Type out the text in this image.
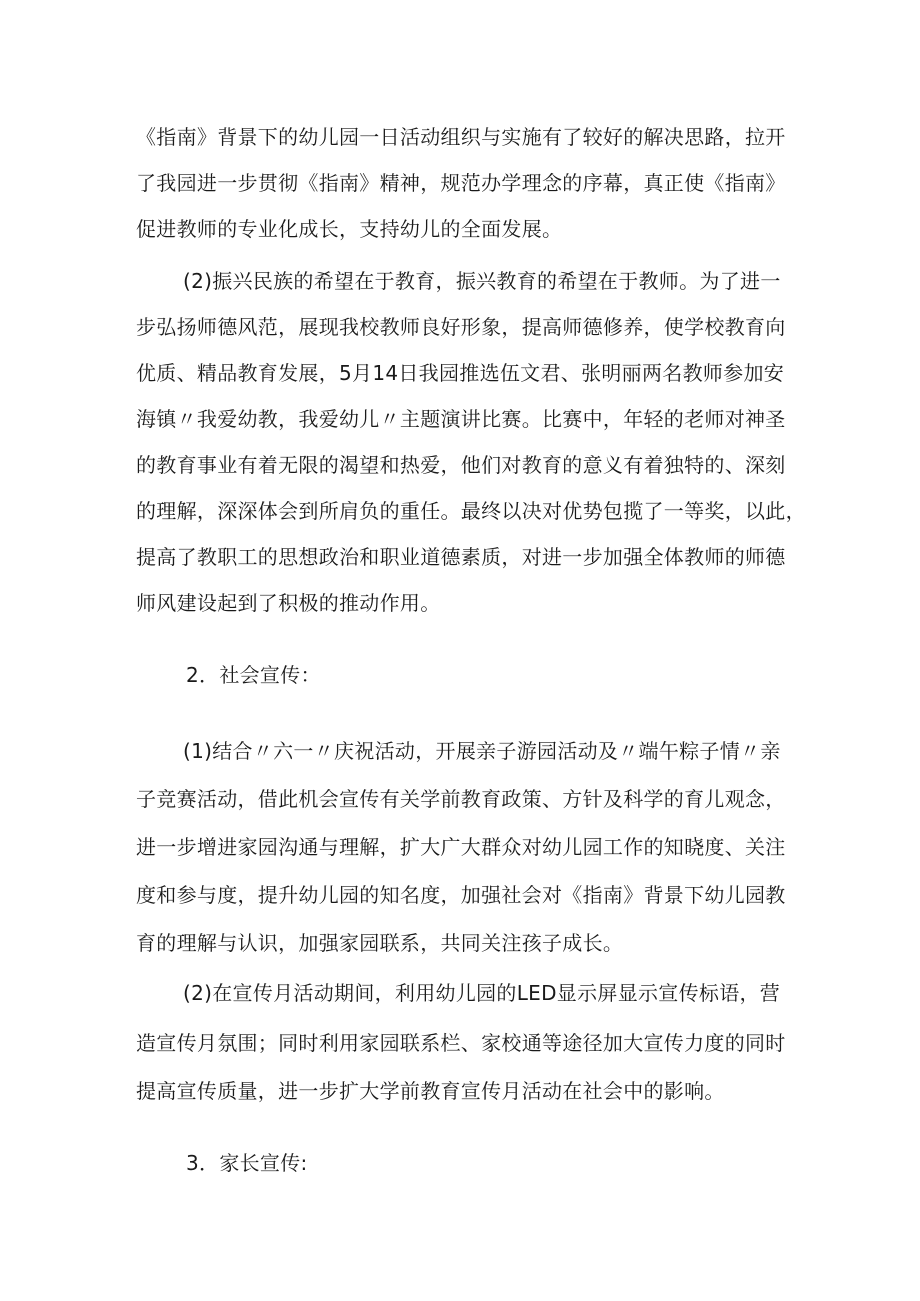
《指南》背景下的幼儿园一日活动组织与实施有了较好的解决思路，拉开
了我园进一步贯彻《指南》精神，规范办学理念的序幕，真正使《指南》
促进教师的专业化成长，支持幼儿的全面发展。
(2)振兴民族的希望在于教育，振兴教育的希望在于教师。为了进一
步弘扬师德风范，展现我校教师良好形象，提高师德修养，使学校教育向
优质、精品教育发展，5月14日我园推选伍文君、张明丽两名教师参加安
海镇〃我爱幼教，我爱幼儿〃主题演讲比赛。比赛中，年轻的老师对神圣
的教育事业有着无限的渴望和热爱，他们对教育的意义有着独特的、深刻
的理解，深深体会到所肩负的重任。最终以决对优势包揽了一等奖，以此，
提高了教职工的思想政治和职业道德素质，对进一步加强全体教师的师德
师风建设起到了积极的推动作用。
2．社会宣传：
(1)结合〃六一〃庆祝活动，开展亲子游园活动及〃端午粽子情〃亲
子竞赛活动，借此机会宣传有关学前教育政策、方针及科学的育儿观念，
进一步增进家园沟通与理解，扩大广大群众对幼儿园工作的知晓度、关注
度和参与度，提升幼儿园的知名度，加强社会对《指南》背景下幼儿园教
育的理解与认识，加强家园联系，共同关注孩子成长。
(2)在宣传月活动期间，利用幼儿园的LED显示屏显示宣传标语，营
造宣传月氛围；同时利用家园联系栏、家校通等途径加大宣传力度的同时
提高宣传质量，进一步扩大学前教育宣传月活动在社会中的影响。
3．家长宣传:
